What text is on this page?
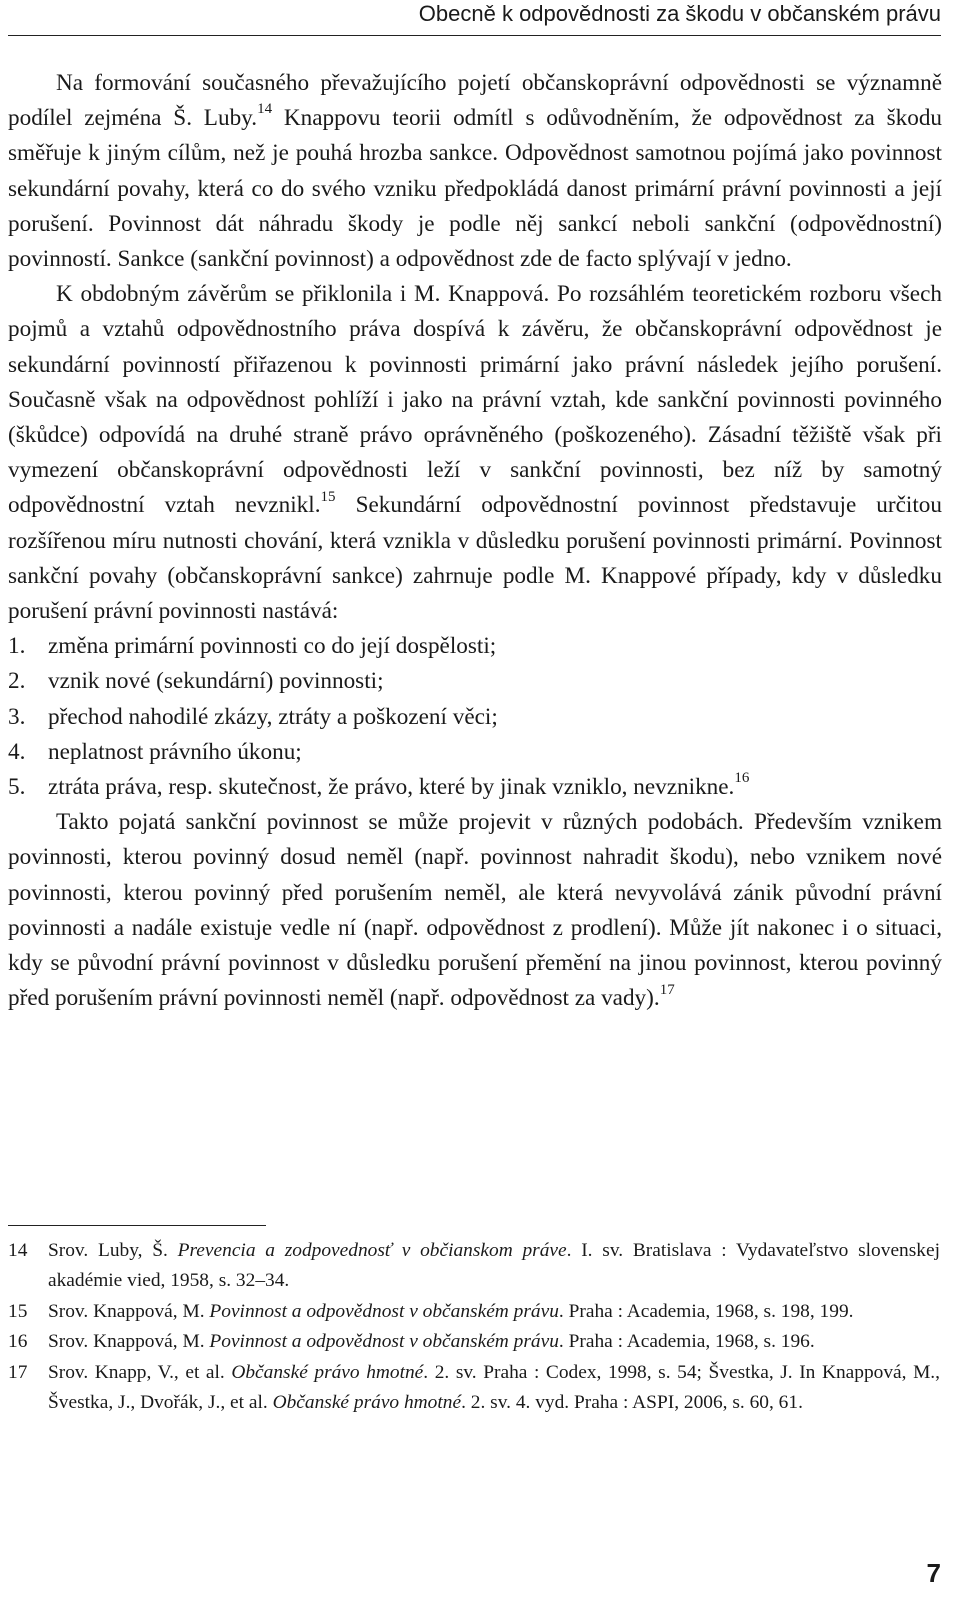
Obecně k odpovědnosti za škodu v občanském právu

Na formování současného převažujícího pojetí občanskoprávní odpovědnosti se významně podílel zejména Š. Luby.$^{14}$ Knappovu teorii odmítl s odůvodněním, že odpovědnost za škodu směřuje k jiným cílům, než je pouhá hrozba sankce. Odpovědnost samotnou pojímá jako povinnost sekundární povahy, která co do svého vzniku předpokládá danost primární právní povinnosti a její porušení. Povinnost dát náhradu škody je podle něj sankcí neboli sankční (odpovědnostní) povinností. Sankce (sankční povinnost) a odpovědnost zde de facto splývají v jedno.

K obdobným závěrům se přiklonila i M. Knappová. Po rozsáhlém teoretickém rozboru všech pojmů a vztahů odpovědnostního práva dospívá k závěru, že občanskoprávní odpovědnost je sekundární povinností přiřazenou k povinnosti primární jako právní následek jejího porušení. Současně však na odpovědnost pohlíží i jako na právní vztah, kde sankční povinnosti povinného (škůdce) odpovídá na druhé straně právo oprávněného (poškozeného). Zásadní těžiště však při vymezení občanskoprávní odpovědnosti leží v sankční povinnosti, bez níž by samotný odpovědnostní vztah nevznikl.$^{15}$ Sekundární odpovědnostní povinnost představuje určitou rozšířenou míru nutnosti chování, která vznikla v důsledku porušení povinnosti primární. Povinnost sankční povahy (občanskoprávní sankce) zahrnuje podle M. Knappové případy, kdy v důsledku porušení právní povinnosti nastává:

1. změna primární povinnosti co do její dospělosti;
2. vznik nové (sekundární) povinnosti;
3. přechod nahodilé zkázy, ztráty a poškození věci;
4. neplatnost právního úkonu;
5. ztráta práva, resp. skutečnost, že právo, které by jinak vzniklo, nevznikne.$^{16}$

Takto pojatá sankční povinnost se může projevit v různých podobách. Především vznikem povinnosti, kterou povinný dosud neměl (např. povinnost nahradit škodu), nebo vznikem nové povinnosti, kterou povinný před porušením neměl, ale která nevyvolává zánik původní právní povinnosti a nadále existuje vedle ní (např. odpovědnost z prodlení). Může jít nakonec i o situaci, kdy se původní právní povinnost v důsledku porušení přemění na jinou povinnost, kterou povinný před porušením právní povinnosti neměl (např. odpovědnost za vady).$^{17}$

14	Srov. Luby, Š. Prevencia a zodpovednosť v občianskom práve. I. sv. Bratislava : Vydavateľstvo slovenskej akadémie vied, 1958, s. 32–34.
15	Srov. Knappová, M. Povinnost a odpovědnost v občanském právu. Praha : Academia, 1968, s. 198, 199.
16	Srov. Knappová, M. Povinnost a odpovědnost v občanském právu. Praha : Academia, 1968, s. 196.
17	Srov. Knapp, V., et al. Občanské právo hmotné. 2. sv. Praha : Codex, 1998, s. 54; Švestka, J. In Knappová, M., Švestka, J., Dvořák, J., et al. Občanské právo hmotné. 2. sv. 4. vyd. Praha : ASPI, 2006, s. 60, 61.
7
